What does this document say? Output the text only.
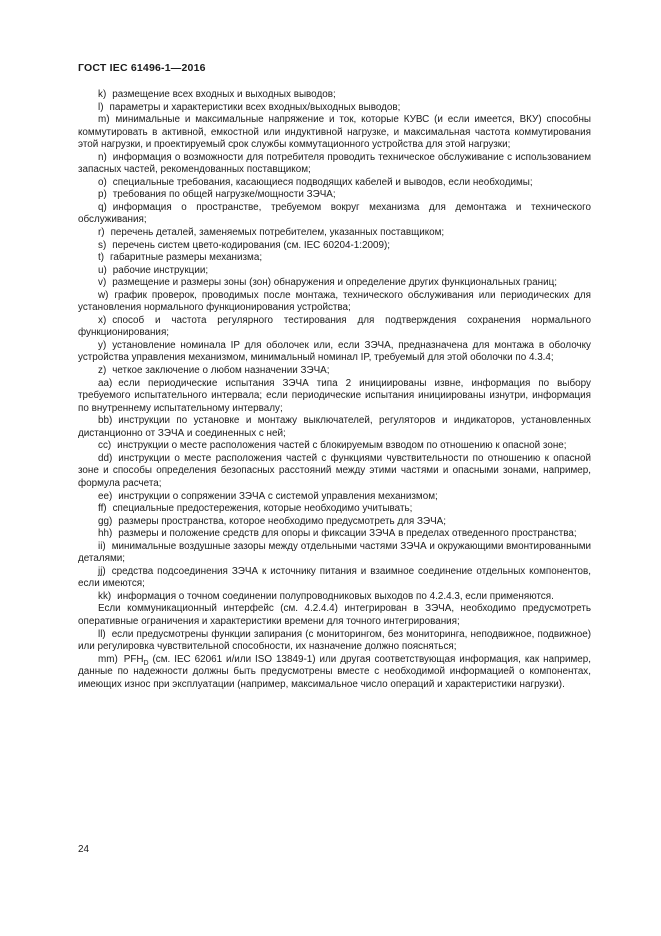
ГОСТ IEC 61496-1—2016

k) размещение всех входных и выходных выводов;

l) параметры и характеристики всех входных/выходных выводов;

m) минимальные и максимальные напряжение и ток, которые КУВС (и если имеется, ВКУ) способны коммутировать в активной, емкостной или индуктивной нагрузке, и максимальная частота коммутирования этой нагрузки, и проектируемый срок службы коммутационного устройства для этой нагрузки;

n) информация о возможности для потребителя проводить техническое обслуживание с использованием запасных частей, рекомендованных поставщиком;

o) специальные требования, касающиеся подводящих кабелей и выводов, если необходимы;

p) требования по общей нагрузке/мощности ЗЭЧА;

q) информация о пространстве, требуемом вокруг механизма для демонтажа и технического обслуживания;

r) перечень деталей, заменяемых потребителем, указанных поставщиком;

s) перечень систем цвето-кодирования (см. IEC 60204-1:2009);

t) габаритные размеры механизма;

u) рабочие инструкции;

v) размещение и размеры зоны (зон) обнаружения и определение других функциональных границ;

w) график проверок, проводимых после монтажа, технического обслуживания или периодических для установления нормального функционирования устройства;

x) способ и частота регулярного тестирования для подтверждения сохранения нормального функционирования;

y) установление номинала IP для оболочек или, если ЗЭЧА, предназначена для монтажа в оболочку устройства управления механизмом, минимальный номинал IP, требуемый для этой оболочки по 4.3.4;

z) четкое заключение о любом назначении ЗЭЧА;

aa) если периодические испытания ЗЭЧА типа 2 инициированы извне, информация по выбору требуемого испытательного интервала; если периодические испытания инициированы изнутри, информация по внутреннему испытательному интервалу;

bb) инструкции по установке и монтажу выключателей, регуляторов и индикаторов, установленных дистанционно от ЗЭЧА и соединенных с ней;

cc) инструкции о месте расположения частей с блокируемым взводом по отношению к опасной зоне;

dd) инструкции о месте расположения частей с функциями чувствительности по отношению к опасной зоне и способы определения безопасных расстояний между этими частями и опасными зонами, например, формула расчета;

ee) инструкции о сопряжении ЗЭЧА с системой управления механизмом;

ff) специальные предостережения, которые необходимо учитывать;

gg) размеры пространства, которое необходимо предусмотреть для ЗЭЧА;

hh) размеры и положение средств для опоры и фиксации ЗЭЧА в пределах отведенного пространства;

ii) минимальные воздушные зазоры между отдельными частями ЗЭЧА и окружающими вмонтированными деталями;

jj) средства подсоединения ЗЭЧА к источнику питания и взаимное соединение отдельных компонентов, если имеются;

kk) информация о точном соединении полупроводниковых выходов по 4.2.4.3, если применяются.

Если коммуникационный интерфейс (см. 4.2.4.4) интегрирован в ЗЭЧА, необходимо предусмотреть оперативные ограничения и характеристики времени для точного интегрирования;

ll) если предусмотрены функции запирания (с мониторингом, без мониторинга, неподвижное, подвижное) или регулировка чувствительной способности, их назначение должно поясняться;

mm) $PFH_D$ (см. IEC 62061 и/или ISO 13849-1) или другая соответствующая информация, как например, данные по надежности должны быть предусмотрены вместе с необходимой информацией о компонентах, имеющих износ при эксплуатации (например, максимальное число операций и характеристики нагрузки).

24
